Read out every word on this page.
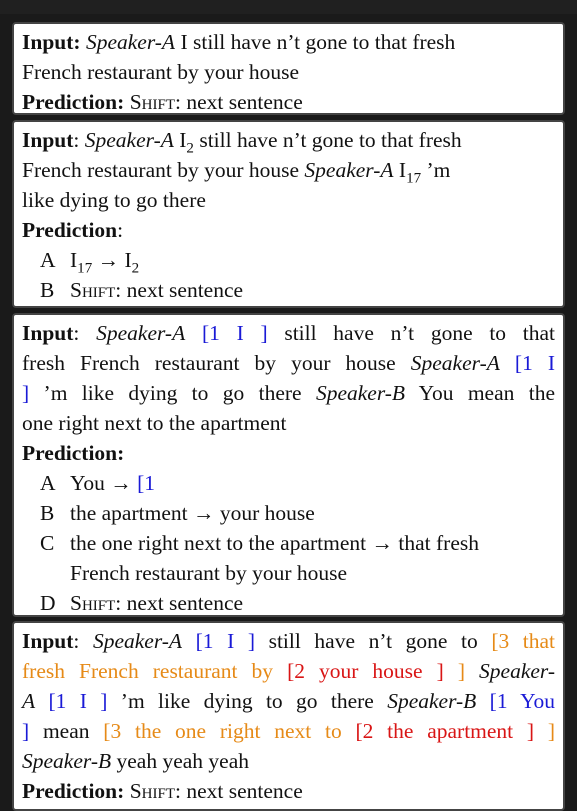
Input: Speaker-A I still have n’t gone to that fresh
French restaurant by your house
Prediction: Shift: next sentence
Input: Speaker-A $I_2$ still have n’t gone to that fresh
French restaurant by your house Speaker-A $I_{17}$ ’m
like dying to go there
Prediction:
A $I_{17} \to I_2$
B Shift: next sentence
Input: Speaker-A [1 I ] still have n’t gone to that
fresh French restaurant by your house Speaker-A [1 I
] ’m like dying to go there Speaker-B You mean the
one right next to the apartment
Prediction:
A You → [1
B the apartment → your house
C the one right next to the apartment → that fresh
French restaurant by your house
D Shift: next sentence
Input: Speaker-A [1 I ] still have n’t gone to [3 that
fresh French restaurant by [2 your house ] ] Speaker-
A [1 I ] ’m like dying to go there Speaker-B [1 You
] mean [3 the one right next to [2 the apartment ] ]
Speaker-B yeah yeah yeah
Prediction: Shift: next sentence
